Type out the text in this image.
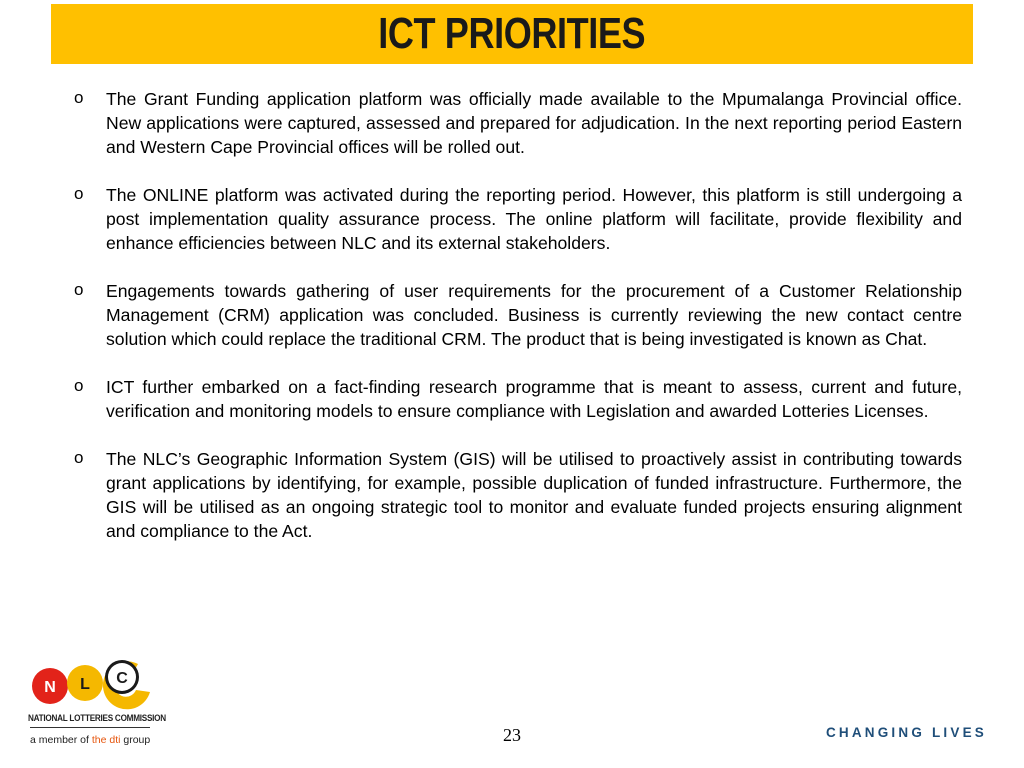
ICT PRIORITIES
o The Grant Funding application platform was officially made available to the Mpumalanga Provincial office. New applications were captured, assessed and prepared for adjudication. In the next reporting period Eastern and Western Cape Provincial offices will be rolled out.
o The ONLINE platform was activated during the reporting period. However, this platform is still undergoing a post implementation quality assurance process. The online platform will facilitate, provide flexibility and enhance efficiencies between NLC and its external stakeholders.
o Engagements towards gathering of user requirements for the procurement of a Customer Relationship Management (CRM) application was concluded. Business is currently reviewing the new contact centre solution which could replace the traditional CRM. The product that is being investigated is known as Chat.
o ICT further embarked on a fact-finding research programme that is meant to assess, current and future, verification and monitoring models to ensure compliance with Legislation and awarded Lotteries Licenses.
o The NLC’s Geographic Information System (GIS) will be utilised to proactively assist in contributing towards grant applications by identifying, for example, possible duplication of funded infrastructure. Furthermore, the GIS will be utilised as an ongoing strategic tool to monitor and evaluate funded projects ensuring alignment and compliance to the Act.
N L C
NATIONAL LOTTERIES COMMISSION
a member of the dti group	23	CHANGING LIVES
